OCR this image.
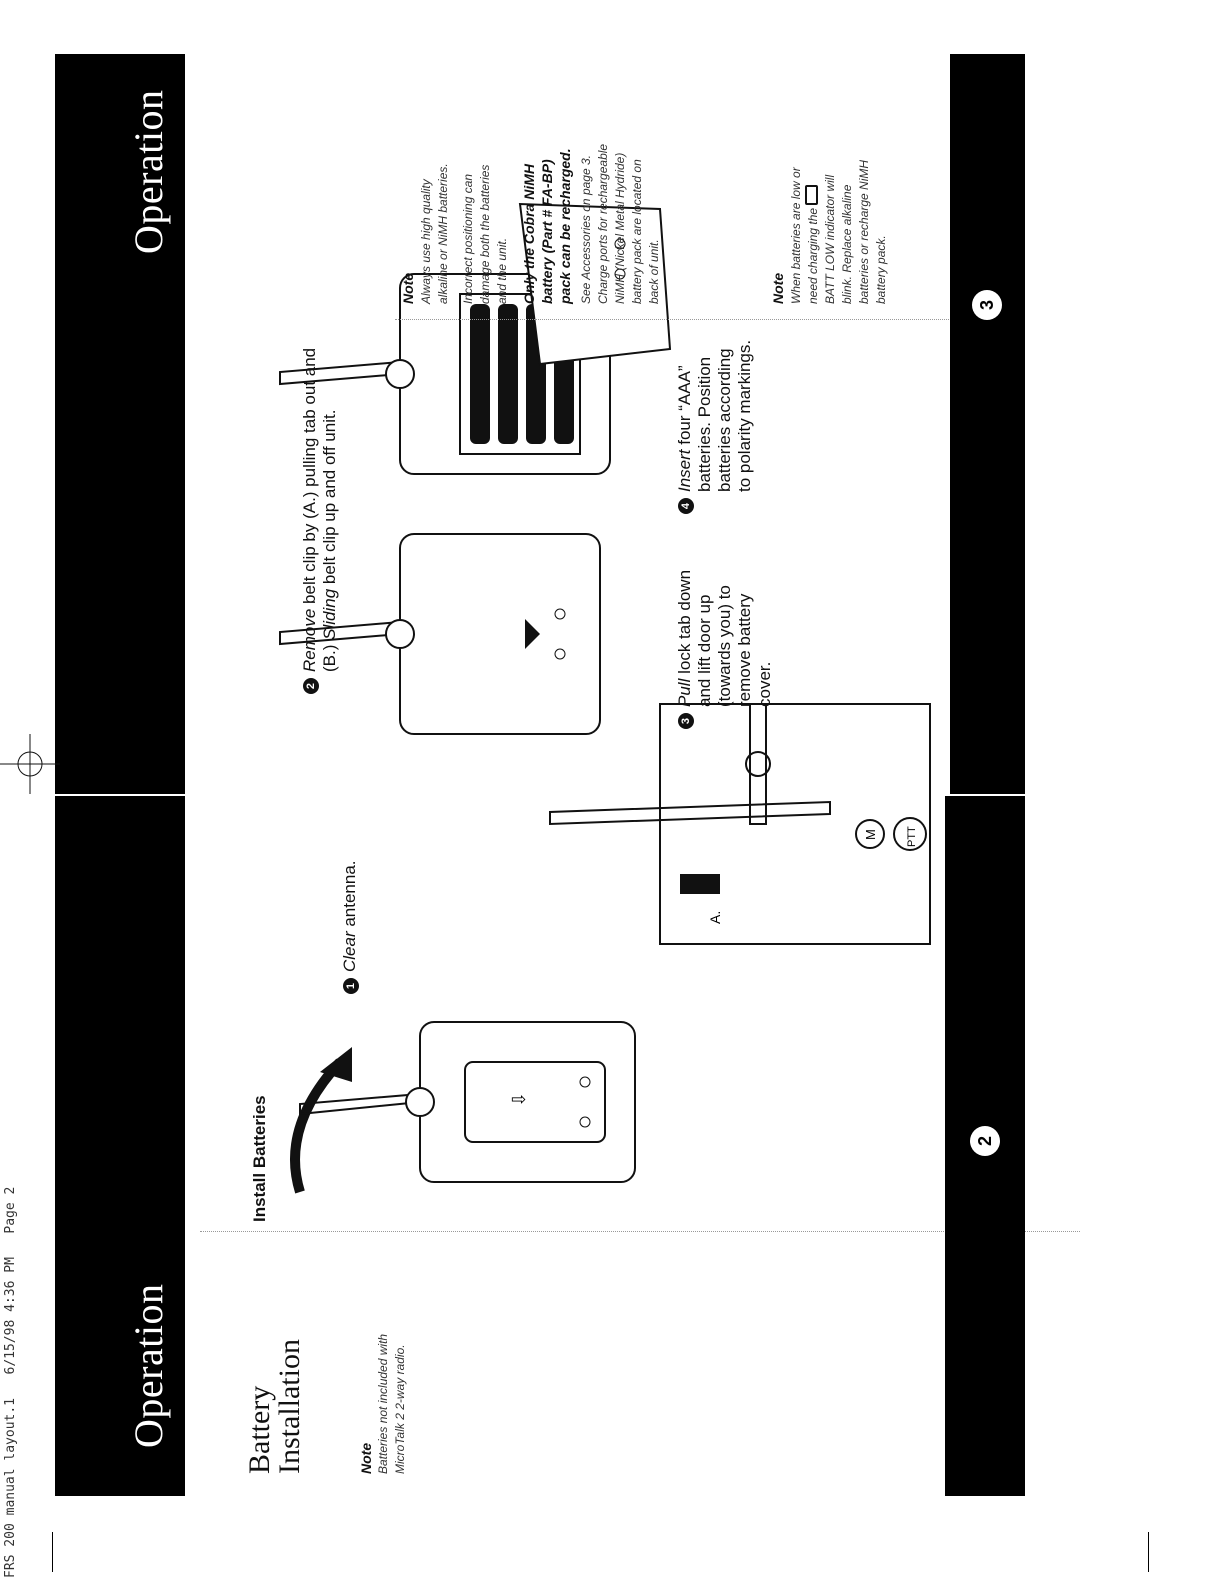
FRS 200 manual layout.1   6/15/98 4:36 PM   Page 2	Operation Battery
Installation	Note Batteries not included with MicroTalk 2 2-way radio.
Install Batteries	⇩
1Clear antenna.	A.
M	PTT
2Remove belt clip by (A.) pulling tab out and
(B.) Sliding belt clip up and off unit.
2
Operation
3Pull lock tab down and lift door up (towards you) to remove battery cover.
4Insert four “AAA” batteries. Position batteries according to polarity markings.
Note Always use high quality alkaline or NiMH batteries. Incorrect positioning can damage both the batteries and the unit. Only the Cobra NiMH battery (Part # FA-BP) pack can be recharged. See Accessories on page 3. Charge ports for rechargeable NiMH (Nickel Metal Hydride) battery pack are located on back of unit.	Note When batteries are low or need charging the BATT LOW indicator will blink. Replace alkaline batteries or recharge NiMH battery pack.
3
